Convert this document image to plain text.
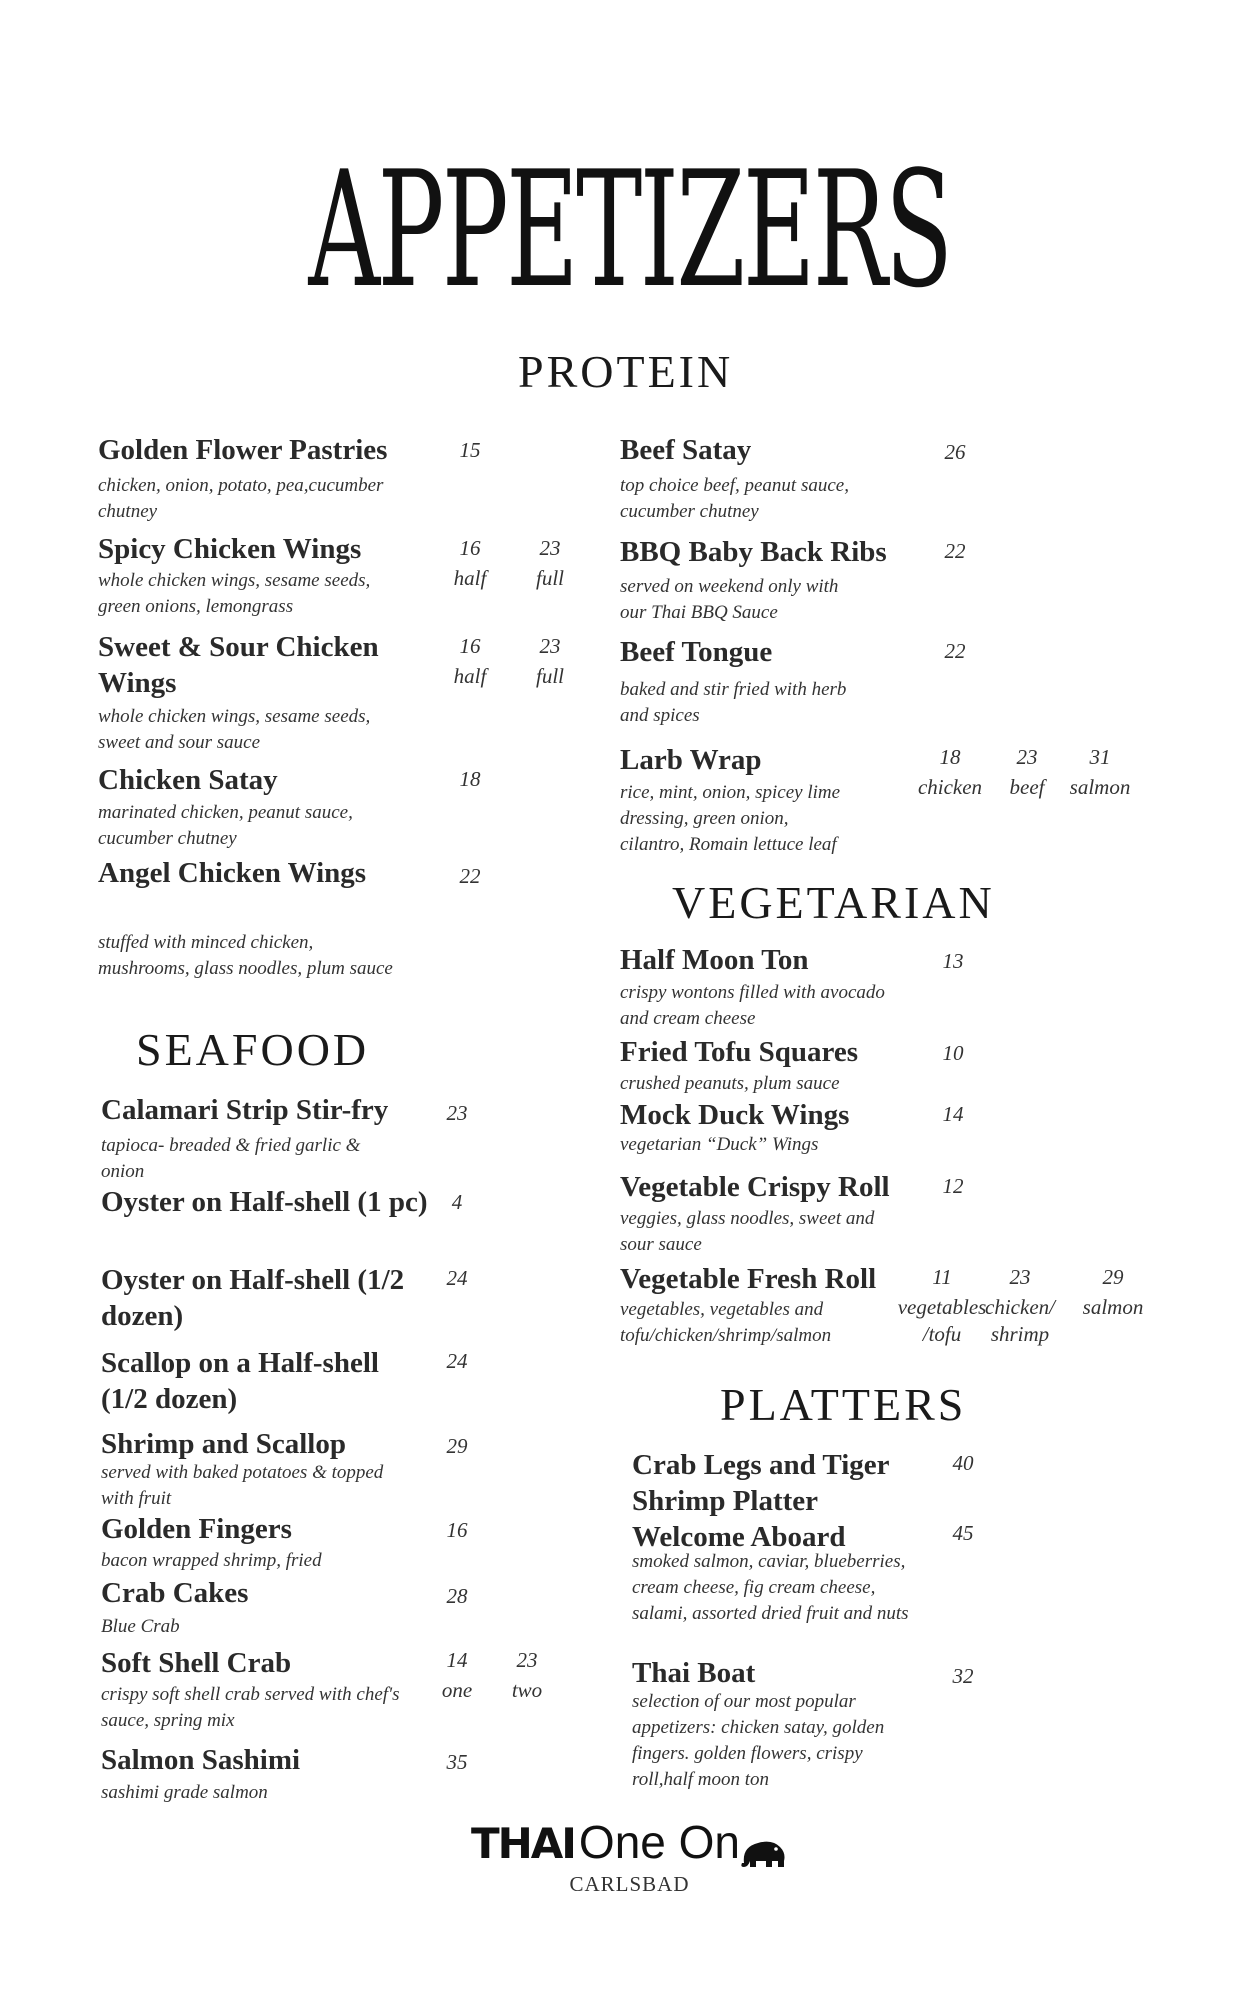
APPETIZERS
PROTEIN
SEAFOOD
VEGETARIAN
PLATTERS
Golden Flower Pastries
chicken, onion, potato, pea,cucumber chutney
15
Spicy Chicken Wings
whole chicken wings, sesame seeds, green onions, lemongrass
16
half
23
full
Sweet & Sour Chicken Wings
whole chicken wings, sesame seeds, sweet and sour sauce
16
half
23
full
Chicken Satay
marinated chicken, peanut sauce, cucumber chutney
18
Angel Chicken Wings
stuffed with minced chicken, mushrooms, glass noodles, plum sauce
22
Beef Satay
top choice beef, peanut sauce, cucumber chutney
26
BBQ Baby Back Ribs
served on weekend only with our Thai BBQ Sauce
22
Beef Tongue
baked and stir fried with herb and spices
22
Larb Wrap
rice, mint, onion, spicey lime dressing, green onion, cilantro, Romain lettuce leaf
18
chicken
23
beef
31
salmon
Calamari Strip Stir-fry
tapioca- breaded & fried garlic & onion
23
Oyster on Half-shell (1 pc)	4
Oyster on Half-shell (1/2 dozen)
24
Scallop on a Half-shell (1/2 dozen)
24
Shrimp and Scallop
served with baked potatoes & topped with fruit
29
Golden Fingers
bacon wrapped shrimp, fried
16
Crab Cakes
Blue Crab
28
Soft Shell Crab
crispy soft shell crab served with chef's sauce, spring mix
14
one
23
two
Salmon Sashimi
sashimi grade salmon
35
Half Moon Ton
crispy wontons filled with avocado and cream cheese
13
Fried Tofu Squares
crushed peanuts, plum sauce
10
Mock Duck Wings
vegetarian “Duck” Wings
14
Vegetable Crispy Roll
veggies, glass noodles, sweet and sour sauce
12
Vegetable Fresh Roll
vegetables, vegetables and tofu/chicken/shrimp/salmon
11
vegetables /tofu
23
chicken/ shrimp
29
salmon
Crab Legs and Tiger Shrimp Platter
40
Welcome Aboard
smoked salmon, caviar, blueberries, cream cheese, fig cream cheese, salami, assorted dried fruit and nuts
45
Thai Boat
selection of our most popular appetizers: chicken satay, golden fingers. golden flowers, crispy roll,half moon ton
32
THAI One On
CARLSBAD
